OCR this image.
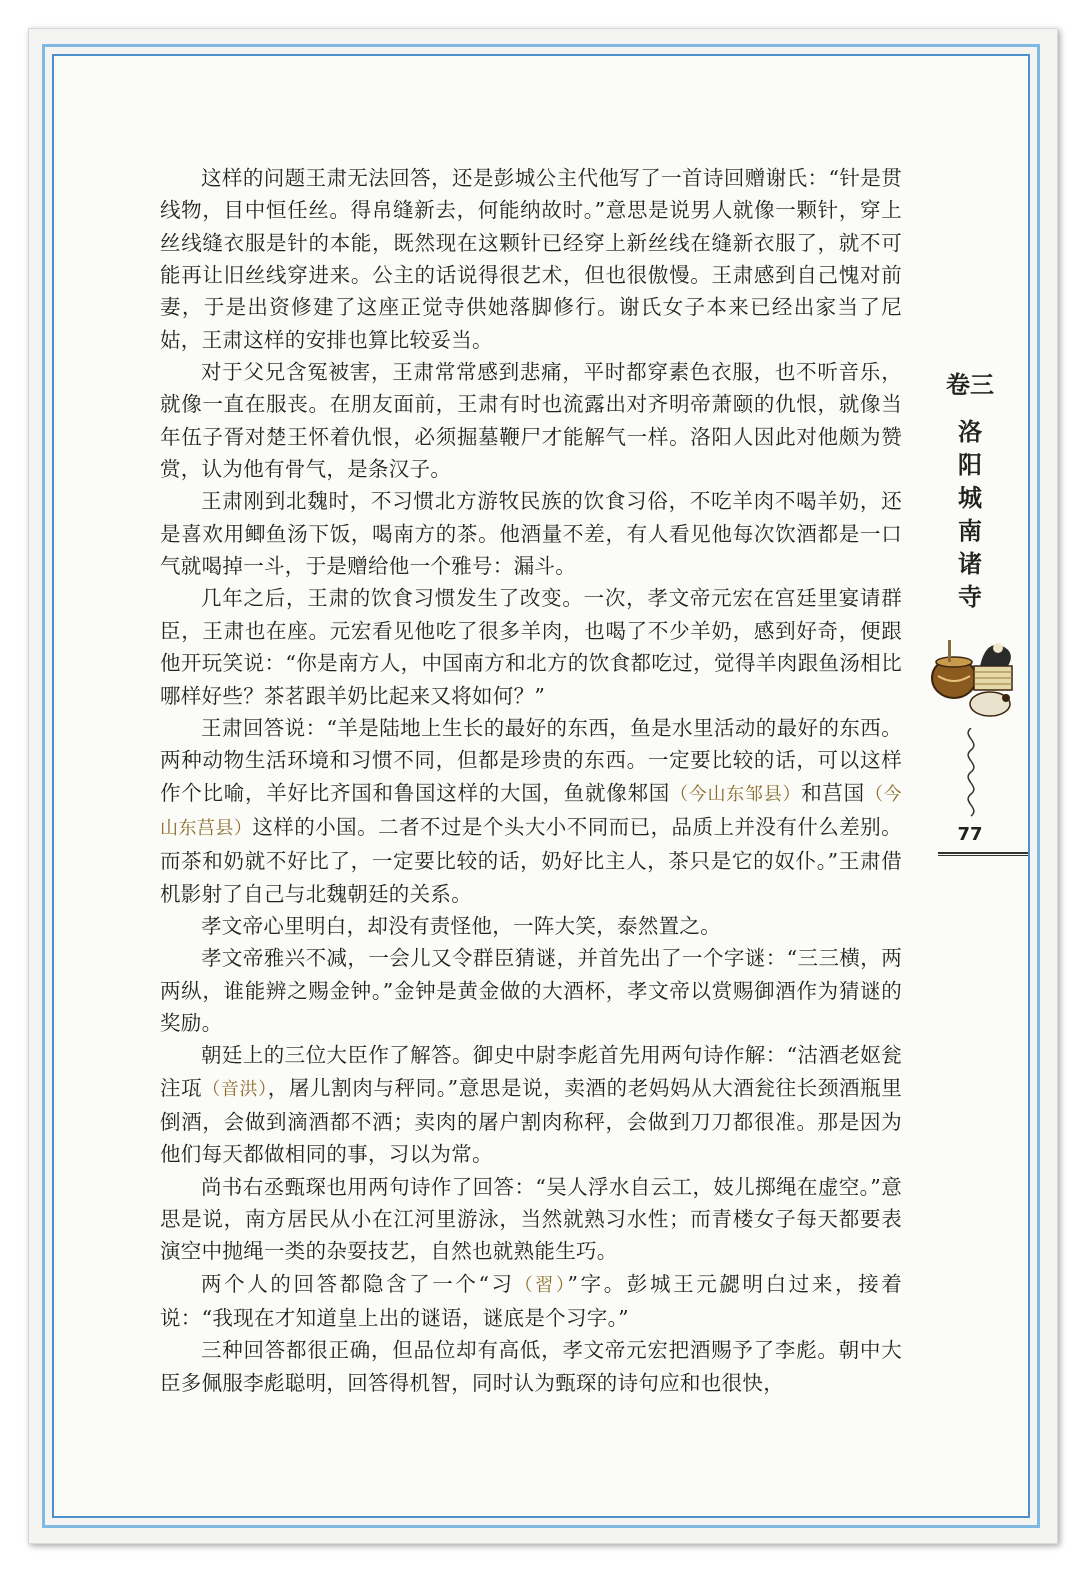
这样的问题王肃无法回答，还是彭城公主代他写了一首诗回赠谢氏：“针是贯线物，目中恒任丝。得帛缝新去，何能纳故时。”意思是说男人就像一颗针，穿上丝线缝衣服是针的本能，既然现在这颗针已经穿上新丝线在缝新衣服了，就不可能再让旧丝线穿进来。公主的话说得很艺术，但也很傲慢。王肃感到自己愧对前妻，于是出资修建了这座正觉寺供她落脚修行。谢氏女子本来已经出家当了尼姑，王肃这样的安排也算比较妥当。

对于父兄含冤被害，王肃常常感到悲痛，平时都穿素色衣服，也不听音乐，就像一直在服丧。在朋友面前，王肃有时也流露出对齐明帝萧颐的仇恨，就像当年伍子胥对楚王怀着仇恨，必须掘墓鞭尸才能解气一样。洛阳人因此对他颇为赞赏，认为他有骨气，是条汉子。

王肃刚到北魏时，不习惯北方游牧民族的饮食习俗，不吃羊肉不喝羊奶，还是喜欢用鲫鱼汤下饭，喝南方的茶。他酒量不差，有人看见他每次饮酒都是一口气就喝掉一斗，于是赠给他一个雅号：漏斗。

几年之后，王肃的饮食习惯发生了改变。一次，孝文帝元宏在宫廷里宴请群臣，王肃也在座。元宏看见他吃了很多羊肉，也喝了不少羊奶，感到好奇，便跟他开玩笑说：“你是南方人，中国南方和北方的饮食都吃过，觉得羊肉跟鱼汤相比哪样好些？茶茗跟羊奶比起来又将如何？”

王肃回答说：“羊是陆地上生长的最好的东西，鱼是水里活动的最好的东西。两种动物生活环境和习惯不同，但都是珍贵的东西。一定要比较的话，可以这样作个比喻，羊好比齐国和鲁国这样的大国，鱼就像邾国（今山东邹县）和莒国（今山东莒县）这样的小国。二者不过是个头大小不同而已，品质上并没有什么差别。而茶和奶就不好比了，一定要比较的话，奶好比主人，茶只是它的奴仆。”王肃借机影射了自己与北魏朝廷的关系。

孝文帝心里明白，却没有责怪他，一阵大笑，泰然置之。

孝文帝雅兴不减，一会儿又令群臣猜谜，并首先出了一个字谜：“三三横，两两纵，谁能辨之赐金钟。”金钟是黄金做的大酒杯，孝文帝以赏赐御酒作为猜谜的奖励。

朝廷上的三位大臣作了解答。御史中尉李彪首先用两句诗作解：“沽酒老妪瓮注瓨（音洪），屠儿割肉与秤同。”意思是说，卖酒的老妈妈从大酒瓮往长颈酒瓶里倒酒，会做到滴酒都不洒；卖肉的屠户割肉称秤，会做到刀刀都很准。那是因为他们每天都做相同的事，习以为常。

尚书右丞甄琛也用两句诗作了回答：“吴人浮水自云工，妓儿掷绳在虚空。”意思是说，南方居民从小在江河里游泳，当然就熟习水性；而青楼女子每天都要表演空中抛绳一类的杂耍技艺，自然也就熟能生巧。

两个人的回答都隐含了一个“习（習）”字。彭城王元勰明白过来，接着说：“我现在才知道皇上出的谜语，谜底是个习字。”

三种回答都很正确，但品位却有高低，孝文帝元宏把酒赐予了李彪。朝中大臣多佩服李彪聪明，回答得机智，同时认为甄琛的诗句应和也很快，

卷三
洛
阳
城
南
诸
寺
77
